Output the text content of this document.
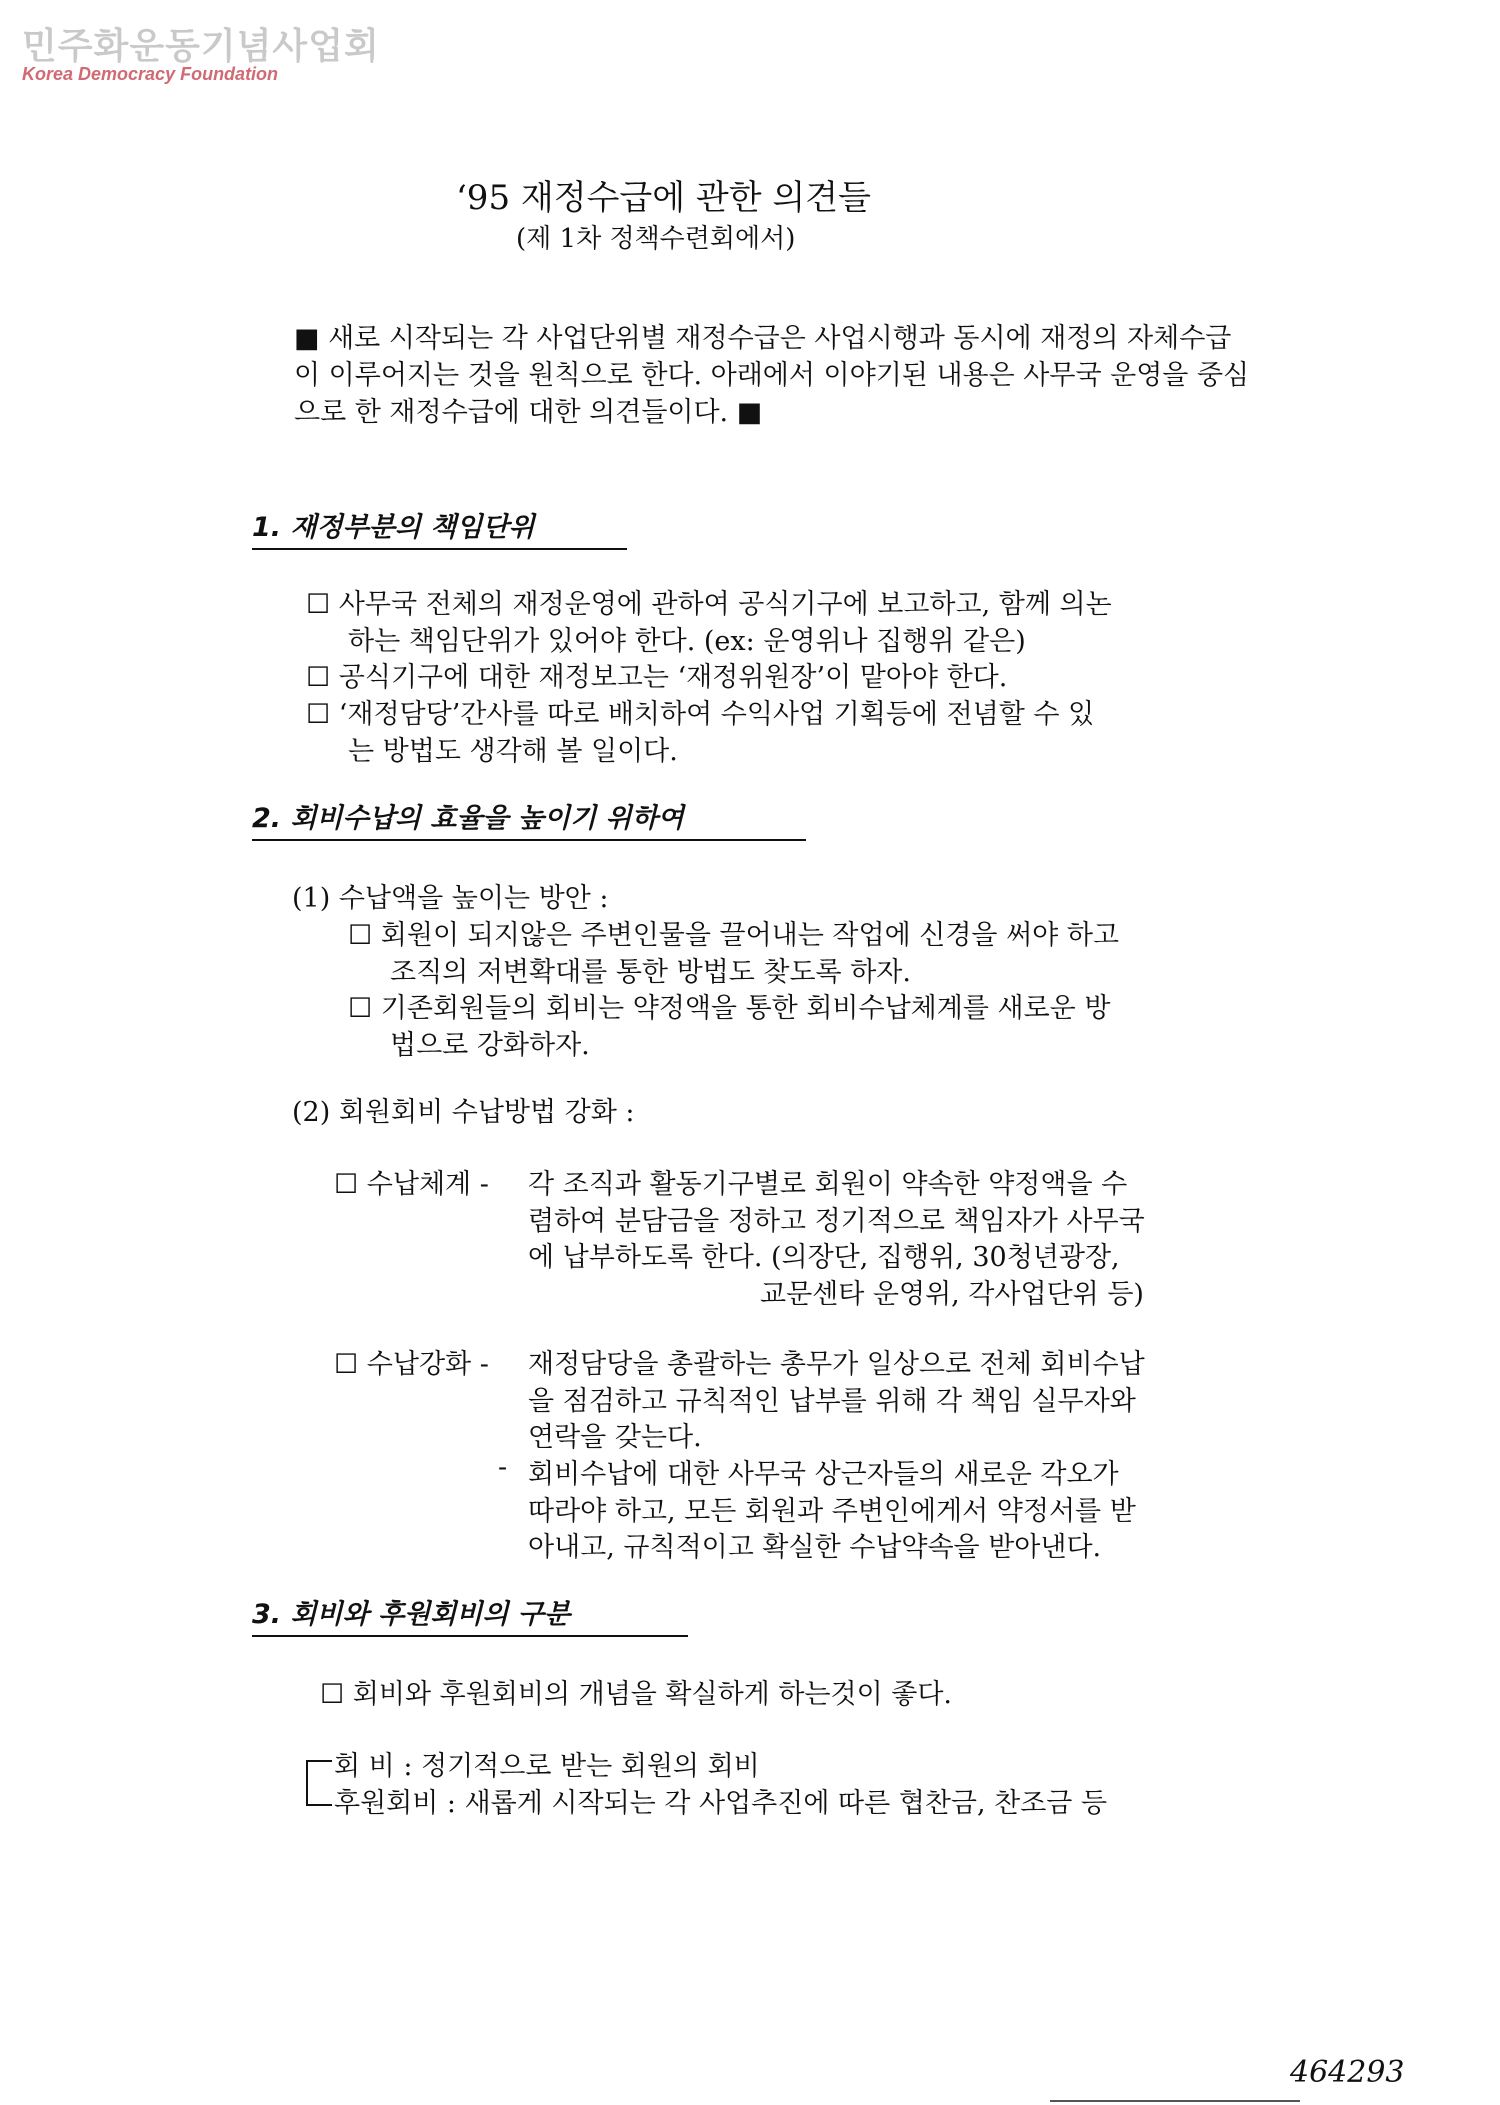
민주화운동기념사업회
Korea Democracy Foundation
‘95 재정수급에 관한 의견들
(제 1차 정책수련회에서)
■ 새로 시작되는 각 사업단위별 재정수급은 사업시행과 동시에 재정의 자체수급이 이루어지는 것을 원칙으로 한다. 아래에서 이야기된 내용은 사무국 운영을 중심으로 한 재정수급에 대한 의견들이다. ■
1. 재정부분의 책임단위
☐ 사무국 전체의 재정운영에 관하여 공식기구에 보고하고, 함께 의논
하는 책임단위가 있어야 한다. (ex: 운영위나 집행위 같은)
☐ 공식기구에 대한 재정보고는 ‘재정위원장’이 맡아야 한다.
☐ ‘재정담당’간사를 따로 배치하여 수익사업 기획등에 전념할 수 있
는 방법도 생각해 볼 일이다.
2. 회비수납의 효율을 높이기 위하여
(1) 수납액을 높이는 방안 :
☐ 회원이 되지않은 주변인물을 끌어내는 작업에 신경을 써야 하고
조직의 저변확대를 통한 방법도 찾도록 하자.
☐ 기존회원들의 회비는 약정액을 통한 회비수납체계를 새로운 방
법으로 강화하자.
(2) 회원회비 수납방법 강화 :
☐ 수납체계 - 각 조직과 활동기구별로 회원이 약속한 약정액을 수
렴하여 분담금을 정하고 정기적으로 책임자가 사무국
에 납부하도록 한다. (의장단, 집행위, 30청년광장,
교문센타 운영위, 각사업단위 등)
☐ 수납강화 - 재정담당을 총괄하는 총무가 일상으로 전체 회비수납
을 점검하고 규칙적인 납부를 위해 각 책임 실무자와
연락을 갖는다.
- 회비수납에 대한 사무국 상근자들의 새로운 각오가
따라야 하고, 모든 회원과 주변인에게서 약정서를 받
아내고, 규칙적이고 확실한 수납약속을 받아낸다.
3. 회비와 후원회비의 구분
☐ 회비와 후원회비의 개념을 확실하게 하는것이 좋다.
회 비 : 정기적으로 받는 회원의 회비
후원회비 : 새롭게 시작되는 각 사업추진에 따른 협찬금, 찬조금 등
464293
